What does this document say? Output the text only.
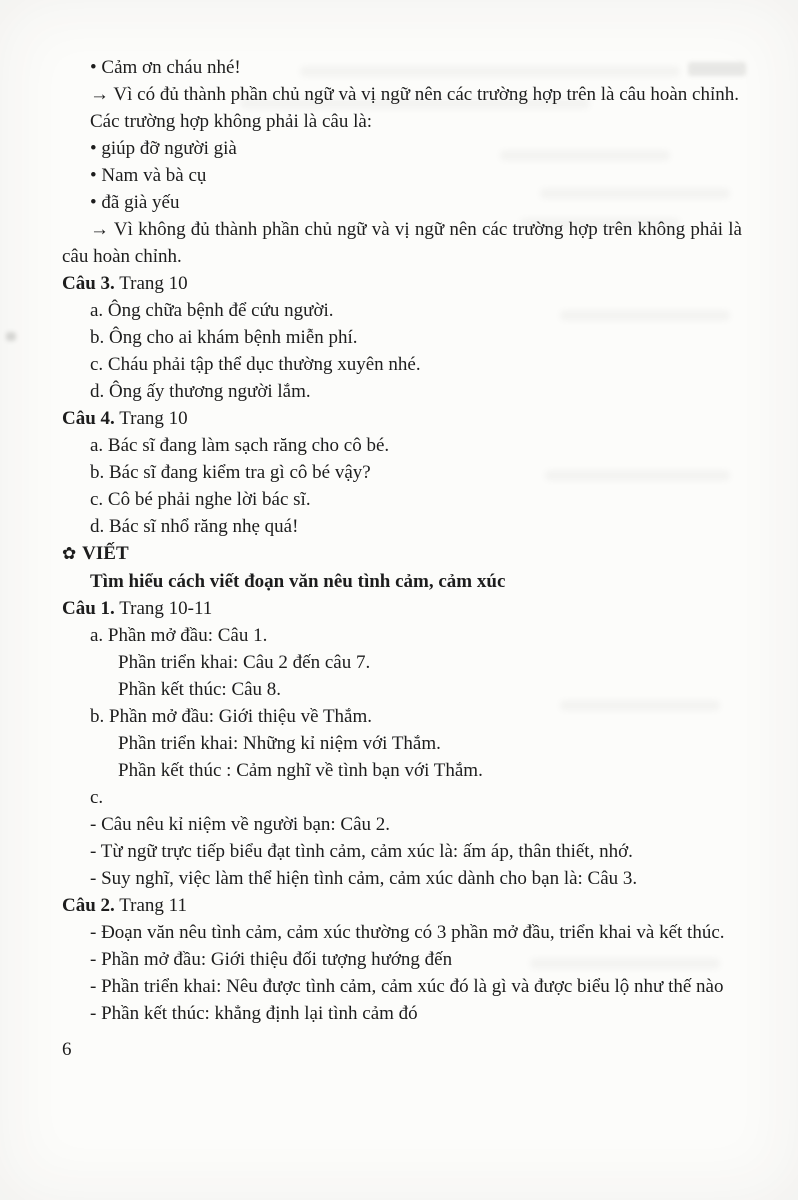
• Cảm ơn cháu nhé!

→ Vì có đủ thành phần chủ ngữ và vị ngữ nên các trường hợp trên là câu hoàn chỉnh.

Các trường hợp không phải là câu là:

• giúp đỡ người già

• Nam và bà cụ

• đã già yếu

→ Vì không đủ thành phần chủ ngữ và vị ngữ nên các trường hợp trên không phải là câu hoàn chỉnh.

Câu 3. Trang 10

a. Ông chữa bệnh để cứu người.

b. Ông cho ai khám bệnh miễn phí.

c. Cháu phải tập thể dục thường xuyên nhé.

d. Ông ấy thương người lắm.

Câu 4. Trang 10

a. Bác sĩ đang làm sạch răng cho cô bé.

b. Bác sĩ đang kiểm tra gì cô bé vậy?

c. Cô bé phải nghe lời bác sĩ.

d. Bác sĩ nhổ răng nhẹ quá!

✿ VIẾT

Tìm hiểu cách viết đoạn văn nêu tình cảm, cảm xúc

Câu 1. Trang 10-11

a. Phần mở đầu: Câu 1.

Phần triển khai: Câu 2 đến câu 7.

Phần kết thúc: Câu 8.

b. Phần mở đầu: Giới thiệu về Thắm.

Phần triển khai: Những kỉ niệm với Thắm.

Phần kết thúc : Cảm nghĩ về tình bạn với Thắm.

c.

- Câu nêu kỉ niệm về người bạn: Câu 2.

- Từ ngữ trực tiếp biểu đạt tình cảm, cảm xúc là: ấm áp, thân thiết, nhớ.

- Suy nghĩ, việc làm thể hiện tình cảm, cảm xúc dành cho bạn là: Câu 3.

Câu 2. Trang 11

- Đoạn văn nêu tình cảm, cảm xúc thường có 3 phần mở đầu, triển khai và kết thúc.

- Phần mở đầu: Giới thiệu đối tượng hướng đến

- Phần triển khai: Nêu được tình cảm, cảm xúc đó là gì và được biểu lộ như thế nào

- Phần kết thúc: khẳng định lại tình cảm đó

6
